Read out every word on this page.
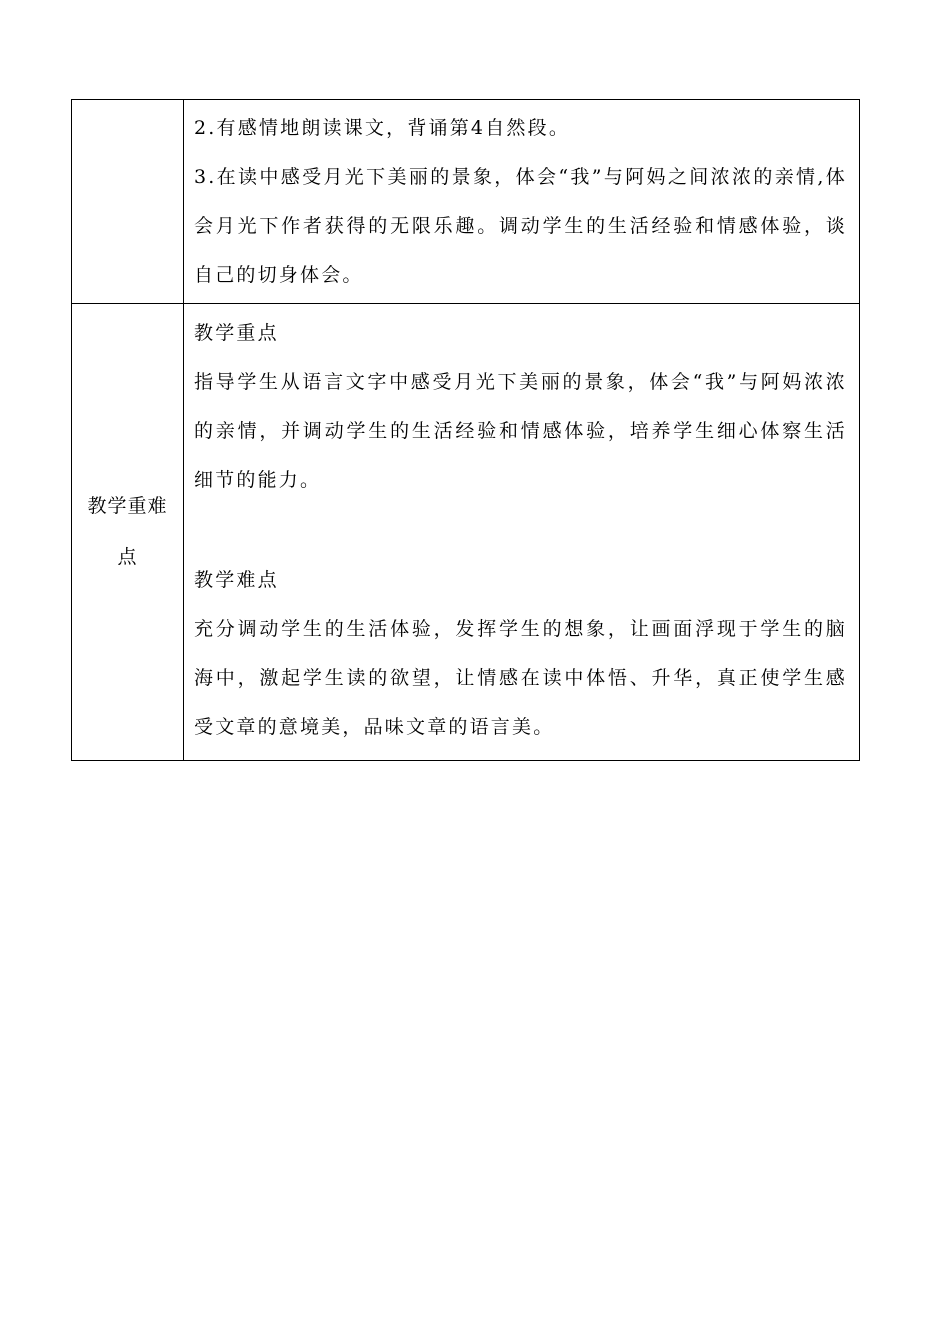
	2.有感情地朗读课文，背诵第4自然段。

3.在读中感受月光下美丽的景象，体会“我”与阿妈之间浓浓的亲情,体会月光下作者获得的无限乐趣。调动学生的生活经验和情感体验，谈自己的切身体会。

教学重难点	教学重点

指导学生从语言文字中感受月光下美丽的景象，体会“我”与阿妈浓浓的亲情，并调动学生的生活经验和情感体验，培养学生细心体察生活细节的能力。

教学难点

充分调动学生的生活体验，发挥学生的想象，让画面浮现于学生的脑海中，激起学生读的欲望，让情感在读中体悟、升华，真正使学生感受文章的意境美，品味文章的语言美。
